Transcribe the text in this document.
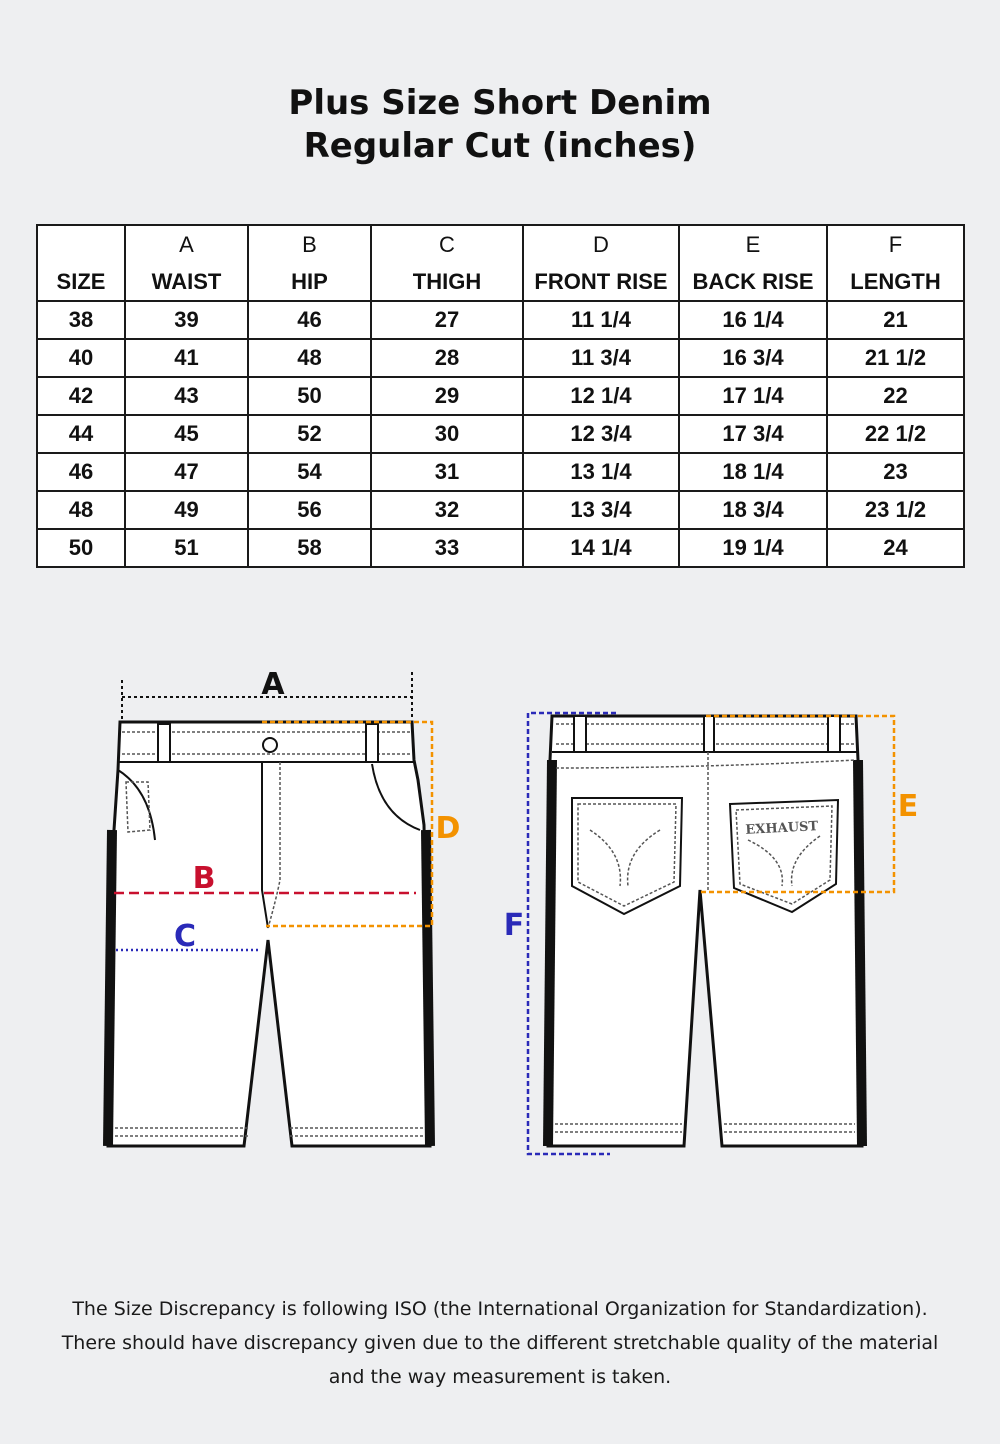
Plus Size Short Denim
Regular Cut (inches)
	A	B	C	D	E	F
SIZE	WAIST	HIP	THIGH	FRONT RISE	BACK RISE	LENGTH
38	39	46	27	11 1/4	16 1/4	21
40	41	48	28	11 3/4	16 3/4	21 1/2
42	43	50	29	12 1/4	17 1/4	22
44	45	52	30	12 3/4	17 3/4	22 1/2
46	47	54	31	13 1/4	18 1/4	23
48	49	56	32	13 3/4	18 3/4	23 1/2
50	51	58	33	14 1/4	19 1/4	24
A
D
B
C
EXHAUST
E
F
The Size Discrepancy is following ISO (the International Organization for Standardization).
There should have discrepancy given due to the different stretchable quality of the material
and the way measurement is taken.
